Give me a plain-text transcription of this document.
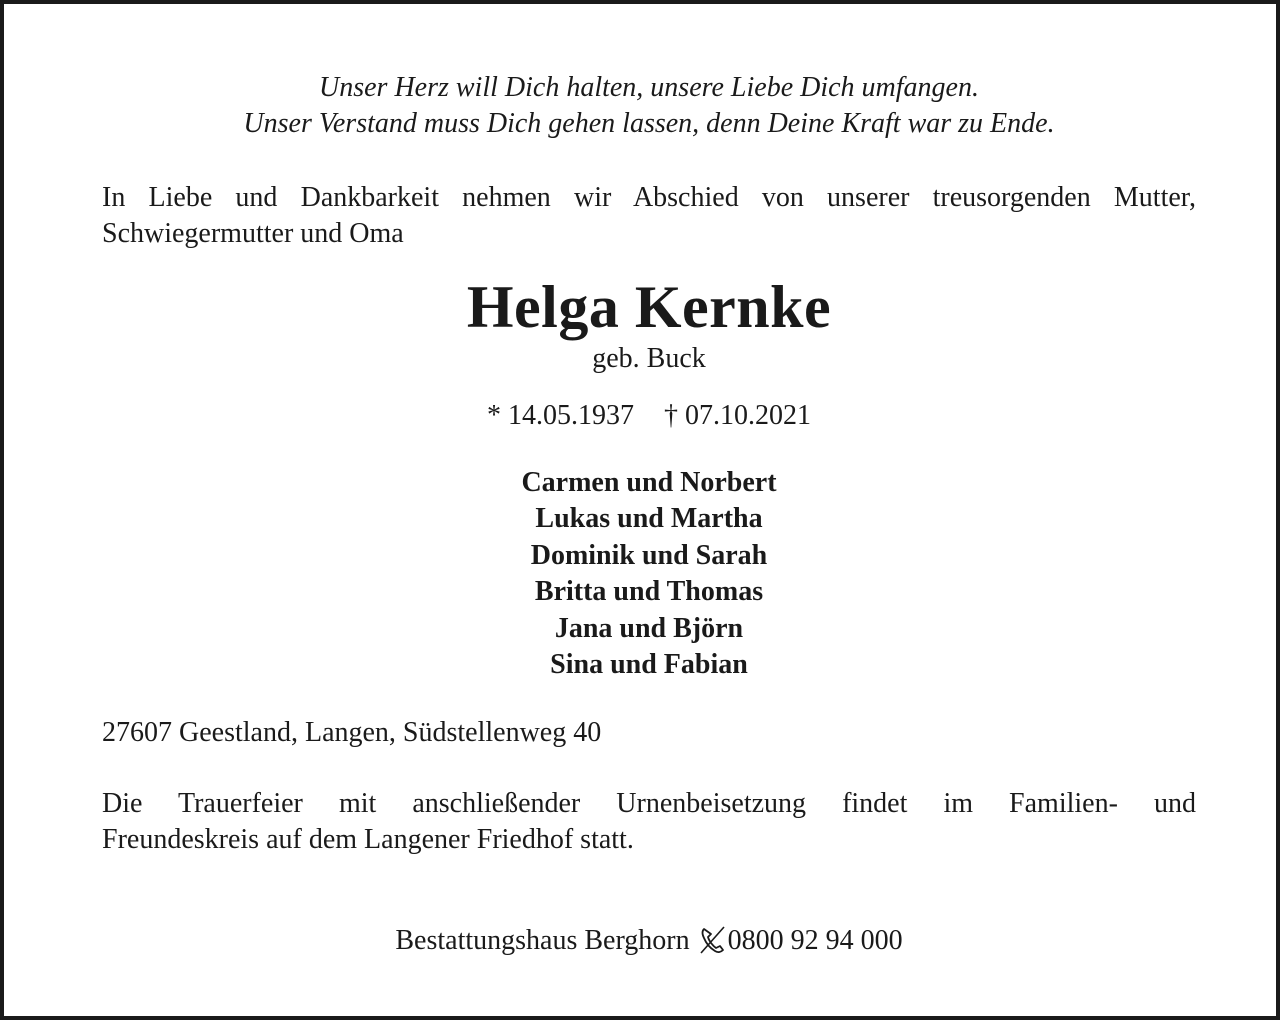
Unser Herz will Dich halten, unsere Liebe Dich umfangen.
Unser Verstand muss Dich gehen lassen, denn Deine Kraft war zu Ende.
In Liebe und Dankbarkeit nehmen wir Abschied von unserer treusorgenden Mutter,
Schwiegermutter und Oma
Helga Kernke
geb. Buck
* 14.05.1937 † 07.10.2021
Carmen und Norbert
Lukas und Martha
Dominik und Sarah
Britta und Thomas
Jana und Björn
Sina und Fabian
27607 Geestland, Langen, Südstellenweg 40
Die Trauerfeier mit anschließender Urnenbeisetzung findet im Familien- und
Freundeskreis auf dem Langener Friedhof statt.
Bestattungshaus Berghorn 0800 92 94 000
